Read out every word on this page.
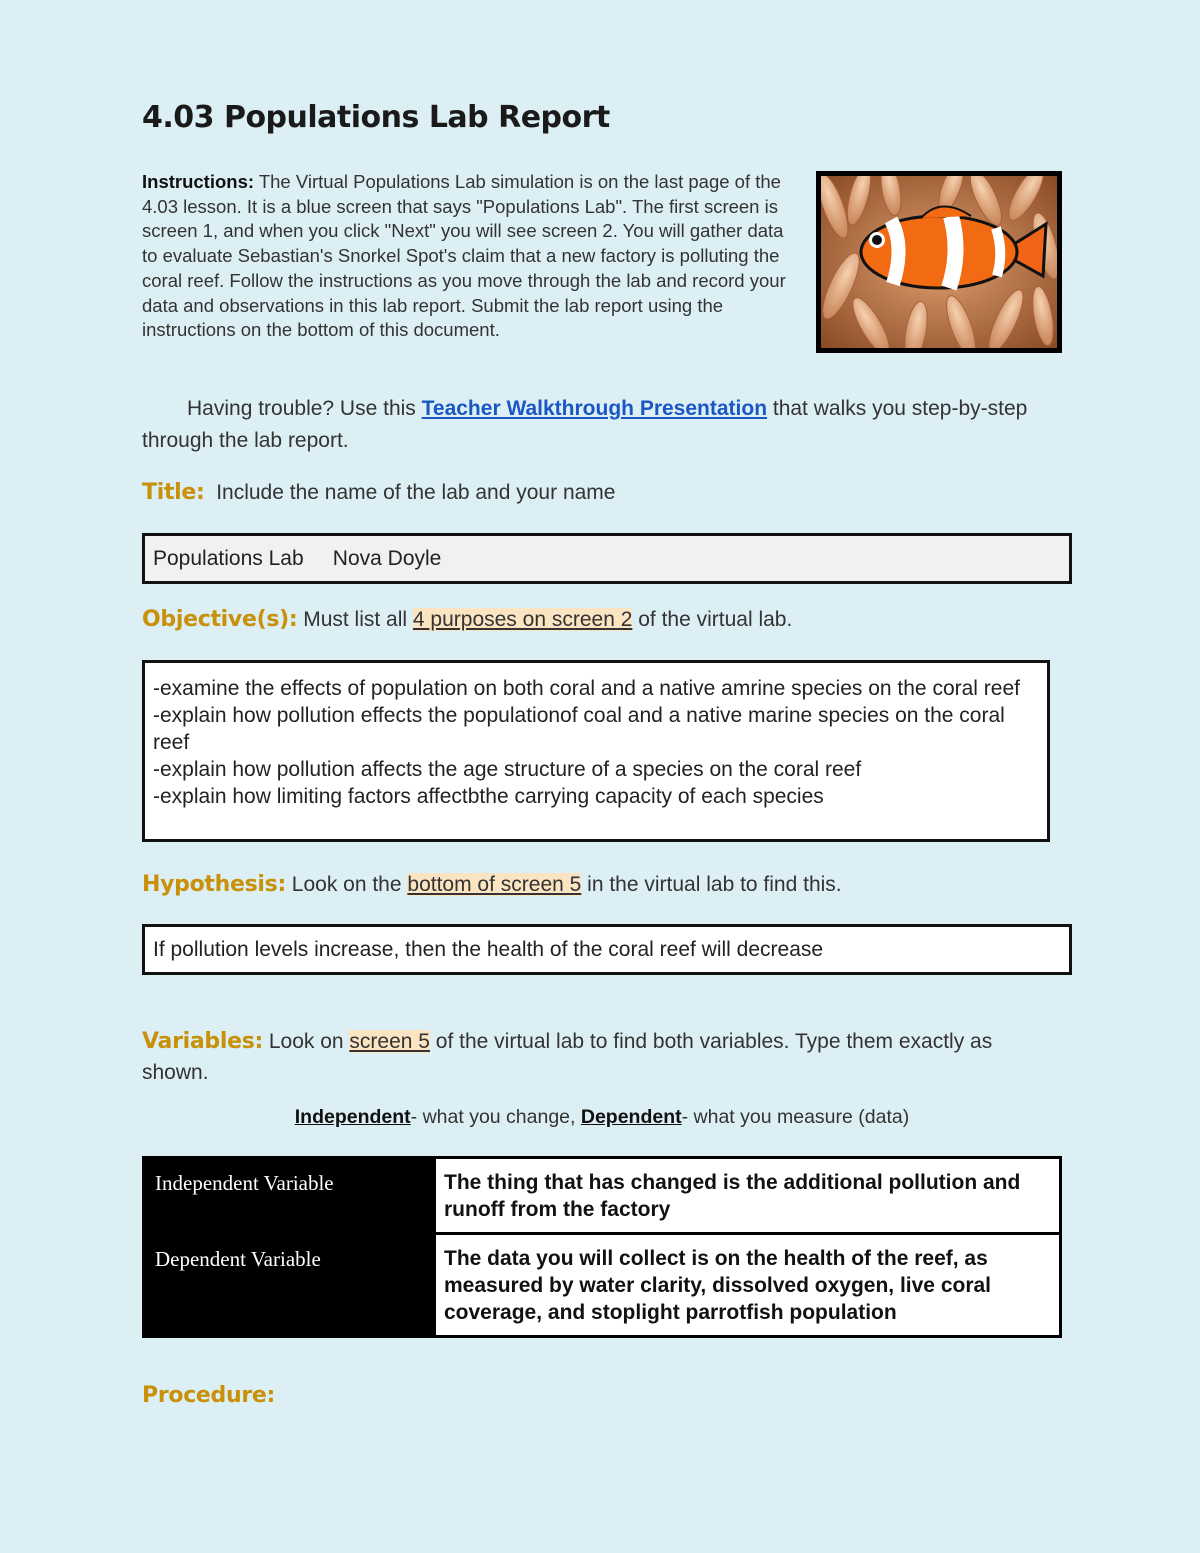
4.03 Populations Lab Report

Instructions: The Virtual Populations Lab simulation is on the last page of the 4.03 lesson. It is a blue screen that says "Populations Lab". The first screen is screen 1, and when you click "Next" you will see screen 2. You will gather data to evaluate Sebastian's Snorkel Spot's claim that a new factory is polluting the coral reef. Follow the instructions as you move through the lab and record your data and observations in this lab report. Submit the lab report using the instructions on the bottom of this document.

Having trouble? Use this Teacher Walkthrough Presentation that walks you step-by-step through the lab report.

Title: Include the name of the lab and your name

Populations Lab     Nova Doyle

Objective(s): Must list all 4 purposes on screen 2 of the virtual lab.

-examine the effects of population on both coral and a native amrine species on the coral reef
-explain how pollution effects the populationof coal and a native marine species on the coral reef
-explain how pollution affects the age structure of a species on the coral reef
-explain how limiting factors affectbthe carrying capacity of each species

Hypothesis: Look on the bottom of screen 5 in the virtual lab to find this.

If pollution levels increase, then the health of the coral reef will decrease

Variables: Look on screen 5 of the virtual lab to find both variables. Type them exactly as shown.

Independent- what you change, Dependent- what you measure (data)

Independent Variable	The thing that has changed is the additional pollution and runoff from the factory
Dependent Variable	The data you will collect is on the health of the reef, as measured by water clarity, dissolved oxygen, live coral coverage, and stoplight parrotfish population

Procedure:
